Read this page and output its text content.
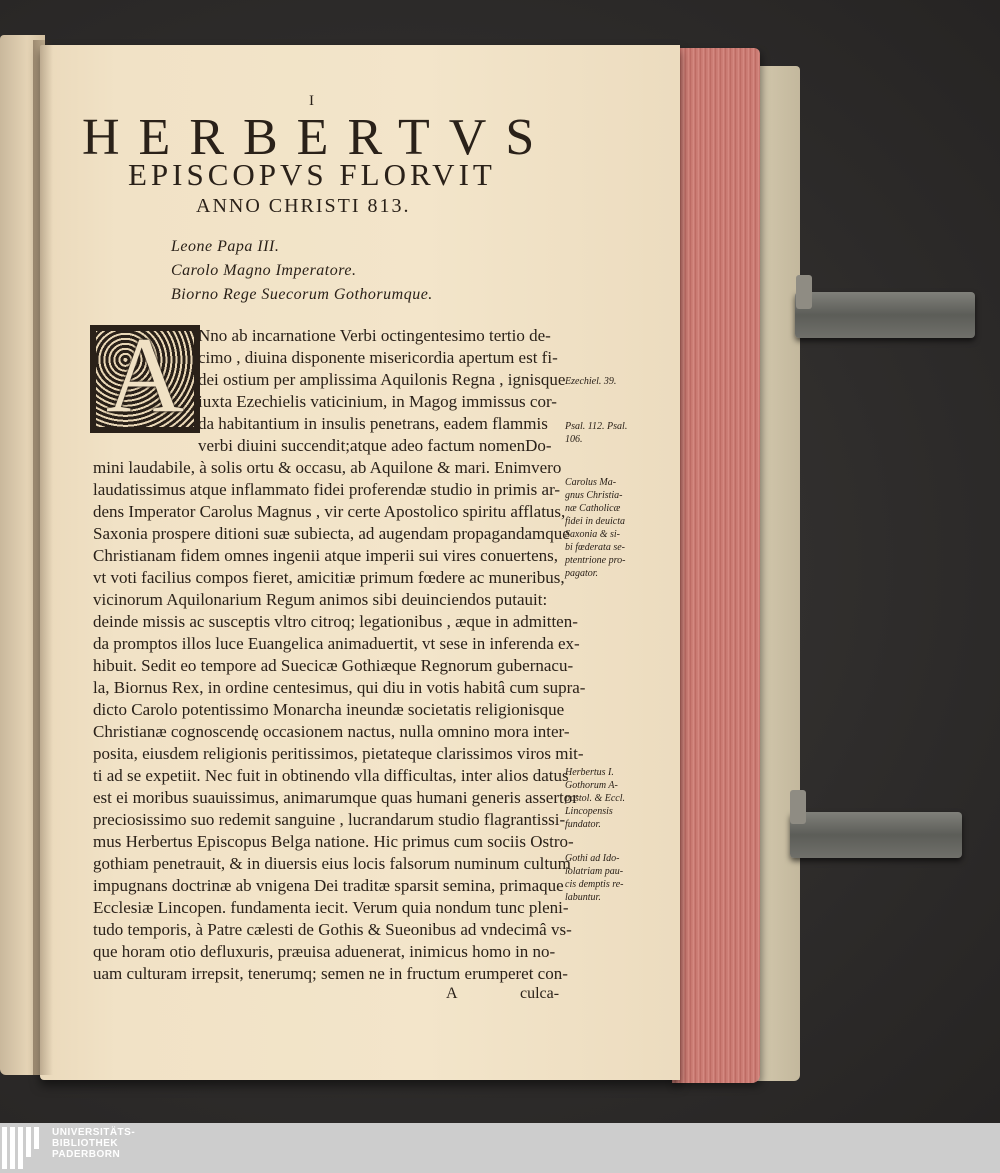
I
HERBERTVS
EPISCOPVS FLORVIT
ANNO CHRISTI 813.
Leone Papa III.
Carolo Magno Imperatore.
Biorno Rege Suecorum Gothorumque.
A Nno ab incarnatione Verbi octingentesimo tertio de-
cimo , diuina disponente misericordia apertum est fi-
dei ostium per amplissima Aquilonis Regna , ignisque
iuxta Ezechielis vaticinium, in Magog immissus cor-
da habitantium in insulis penetrans, eadem flammis
verbi diuini succendit;atque adeo factum nomenDo-
mini laudabile, à solis ortu & occasu, ab Aquilone & mari. Enimvero
laudatissimus atque inflammato fidei proferendæ studio in primis ar-
dens Imperator Carolus Magnus , vir certe Apostolico spiritu afflatus,
Saxonia prospere ditioni suæ subiecta, ad augendam propagandamque
Christianam fidem omnes ingenii atque imperii sui vires conuertens,
vt voti facilius compos fieret, amicitiæ primum fœdere ac muneribus,
vicinorum Aquilonarium Regum animos sibi deuinciendos putauit:
deinde missis ac susceptis vltro citroq; legationibus , æque in admitten-
da promptos illos luce Euangelica animaduertit, vt sese in inferenda ex-
hibuit. Sedit eo tempore ad Suecicæ Gothiæque Regnorum gubernacu-
la, Biornus Rex, in ordine centesimus, qui diu in votis habitâ cum supra-
dicto Carolo potentissimo Monarcha ineundæ societatis religionisque
Christianæ cognoscendę occasionem nactus, nulla omnino mora inter-
posita, eiusdem religionis peritissimos, pietateque clarissimos viros mit-
ti ad se expetiit. Nec fuit in obtinendo vlla difficultas, inter alios datus
est ei moribus suauissimus, animarumque quas humani generis assertor
preciosissimo suo redemit sanguine , lucrandarum studio flagrantissi-
mus Herbertus Episcopus Belga natione. Hic primus cum sociis Ostro-
gothiam penetrauit, & in diuersis eius locis falsorum numinum cultum
impugnans doctrinæ ab vnigena Dei traditæ sparsit semina, primaque
Ecclesiæ Lincopen. fundamenta iecit. Verum quia nondum tunc pleni-
tudo temporis, à Patre cælesti de Gothis & Sueonibus ad vndecimâ vs-
que horam otio defluxuris, præuisa aduenerat, inimicus homo in no-
uam culturam irrepsit, tenerumq; semen ne in fructum erumperet con-
Ezechiel. 39.
Psal. 112. Psal.
106.
Carolus Ma-
gnus Christia-
næ Catholicæ
fidei in deuicta
Saxonia & si-
bi fœderata se-
ptentrione pro-
pagator.
Herbertus I.
Gothorum A-
postol. & Eccl.
Lincopensis
fundator.
Gothi ad Ido-
lolatriam pau-
cis demptis re-
labuntur.
A	culca-
UNIVERSITÄTS-
BIBLIOTHEK
PADERBORN
